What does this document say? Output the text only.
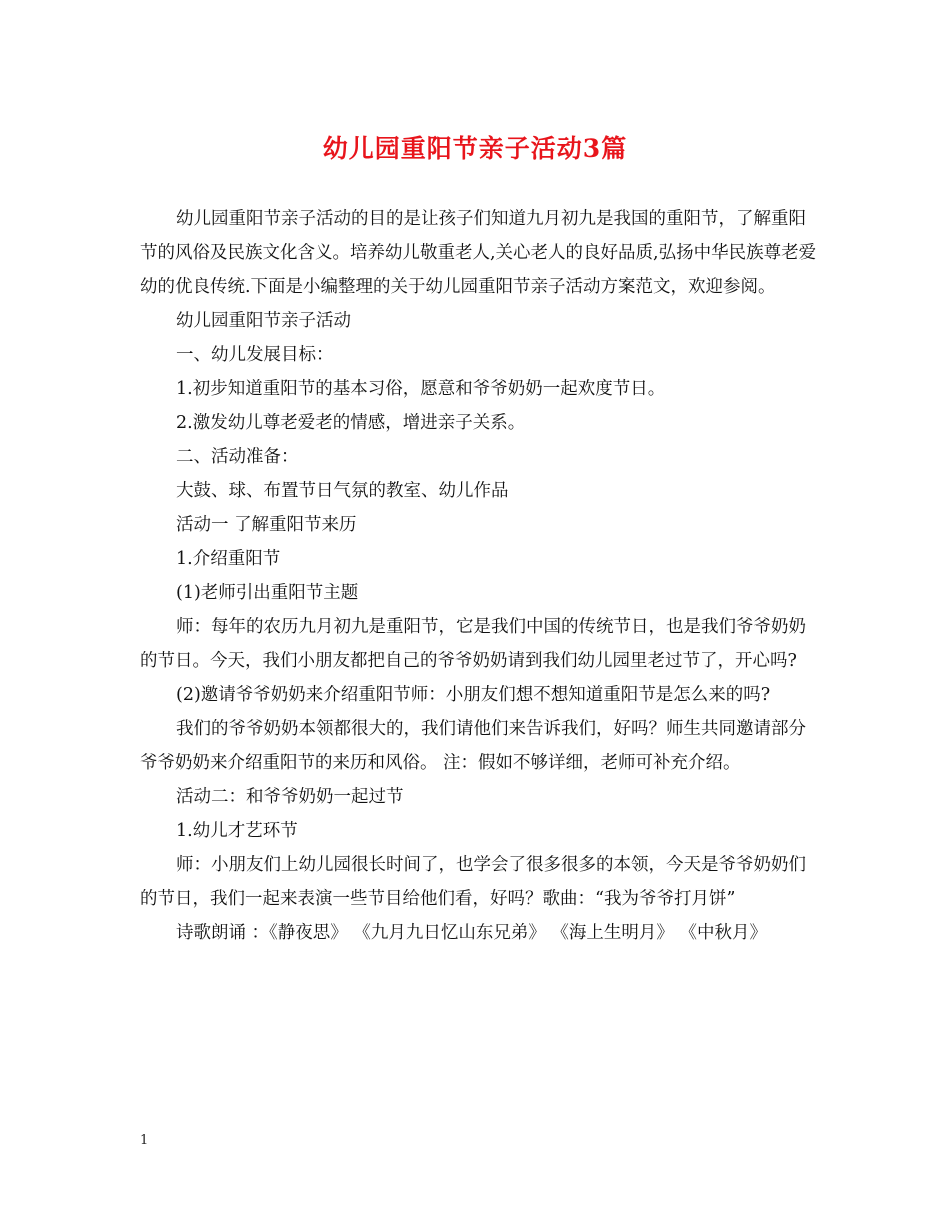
幼儿园重阳节亲子活动3篇

幼儿园重阳节亲子活动的目的是让孩子们知道九月初九是我国的重阳节，了解重阳节的风俗及民族文化含义。培养幼儿敬重老人,关心老人的良好品质,弘扬中华民族尊老爱幼的优良传统.下面是小编整理的关于幼儿园重阳节亲子活动方案范文，欢迎参阅。

幼儿园重阳节亲子活动

一、幼儿发展目标：

1.初步知道重阳节的基本习俗，愿意和爷爷奶奶一起欢度节日。

2.激发幼儿尊老爱老的情感，增进亲子关系。

二、活动准备：

大鼓、球、布置节日气氛的教室、幼儿作品

活动一 了解重阳节来历

1.介绍重阳节

(1)老师引出重阳节主题

师：每年的农历九月初九是重阳节，它是我们中国的传统节日，也是我们爷爷奶奶的节日。今天，我们小朋友都把自己的爷爷奶奶请到我们幼儿园里老过节了，开心吗?

(2)邀请爷爷奶奶来介绍重阳节师：小朋友们想不想知道重阳节是怎么来的吗?

我们的爷爷奶奶本领都很大的，我们请他们来告诉我们，好吗？师生共同邀请部分爷爷奶奶来介绍重阳节的来历和风俗。 注：假如不够详细，老师可补充介绍。

活动二：和爷爷奶奶一起过节

1.幼儿才艺环节

师：小朋友们上幼儿园很长时间了，也学会了很多很多的本领，今天是爷爷奶奶们的节日，我们一起来表演一些节目给他们看，好吗？歌曲：“我为爷爷打月饼”

诗歌朗诵 ：《静夜思》 《九月九日忆山东兄弟》 《海上生明月》 《中秋月》

1
